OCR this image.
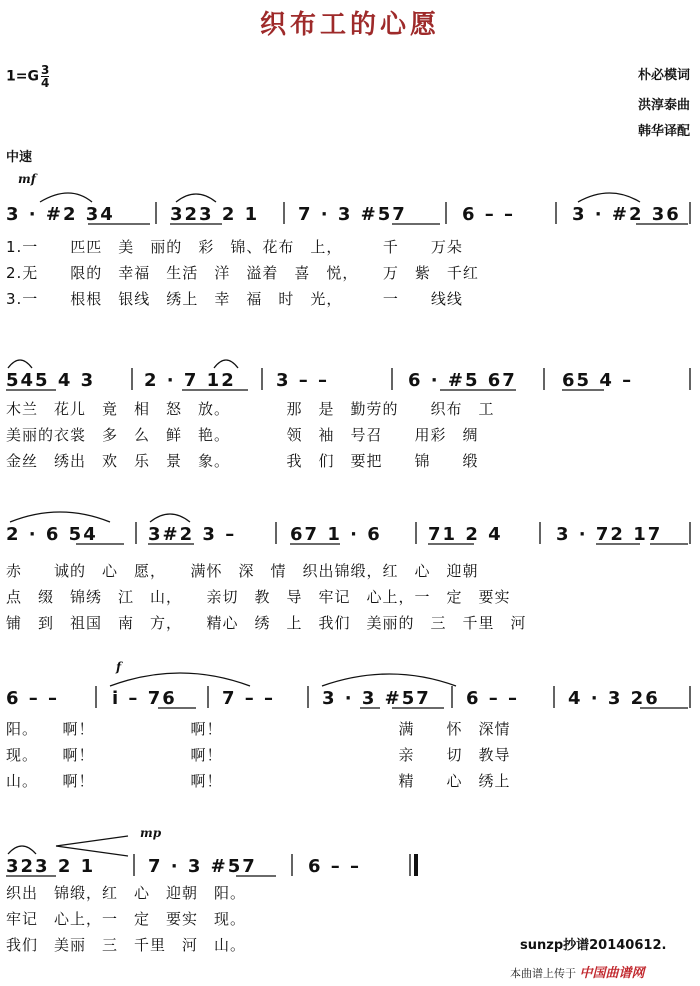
织布工的心愿
$1=G \frac{3}{4}$	朴必模词
洪淳泰曲
韩华译配
中速
mf
3 · #2 34	323 2 1 7 · 3 #57	6 – –	3 · #2 36
1.一　　匹匹　美　丽的　彩　锦、花布　上，　　　千　　万朵
2.无　　限的　幸福　生活　洋　溢着　喜　悦，　　万　紫　千红
3.一　　根根　银线　绣上　幸　福　时　光，　　　一　　线线
545 4 3	2 · 7 12 3 – –	6 · #5 67	65 4 –
木兰　花儿　竟　相　怒　放。　　　　那　是　勤劳的　　织布　工
美丽的衣裳　多　么　鲜　艳。　　　　领　袖　号召　　用彩　绸
金丝　绣出　欢　乐　景　象。　　　　我　们　要把　　锦　　缎
2 · 6 54	3#2 3 –	67 1 · 6	71 2 4	3 · 72 17
赤　　诚的　心　愿，　　满怀　深　情　织出锦缎，红　心　迎朝
点　缀　锦绣　江　山，　　亲切　教　导　牢记　心上，一　定　要实
铺　到　祖国　南　方，　　精心　绣　上　我们　美丽的　三　千里　河
f
6 – –	i – 76	7 – –	3 · 3 #57 6 – –	4 · 3 26
阳。　　啊！　　　　　　啊！　　　　　　　　　　　满　　怀　深情
现。　　啊！　　　　　　啊！　　　　　　　　　　　亲　　切　教导
山。　　啊！　　　　　　啊！　　　　　　　　　　　精　　心　绣上
mp
323 2 1	7 · 3 #57	6 – –
织出　锦缎，红　心　迎朝　阳。
牢记　心上，一　定　要实　现。
我们　美丽　三　千里　河　山。	sunzp抄谱20140612.
本曲谱上传于 中国曲谱网
